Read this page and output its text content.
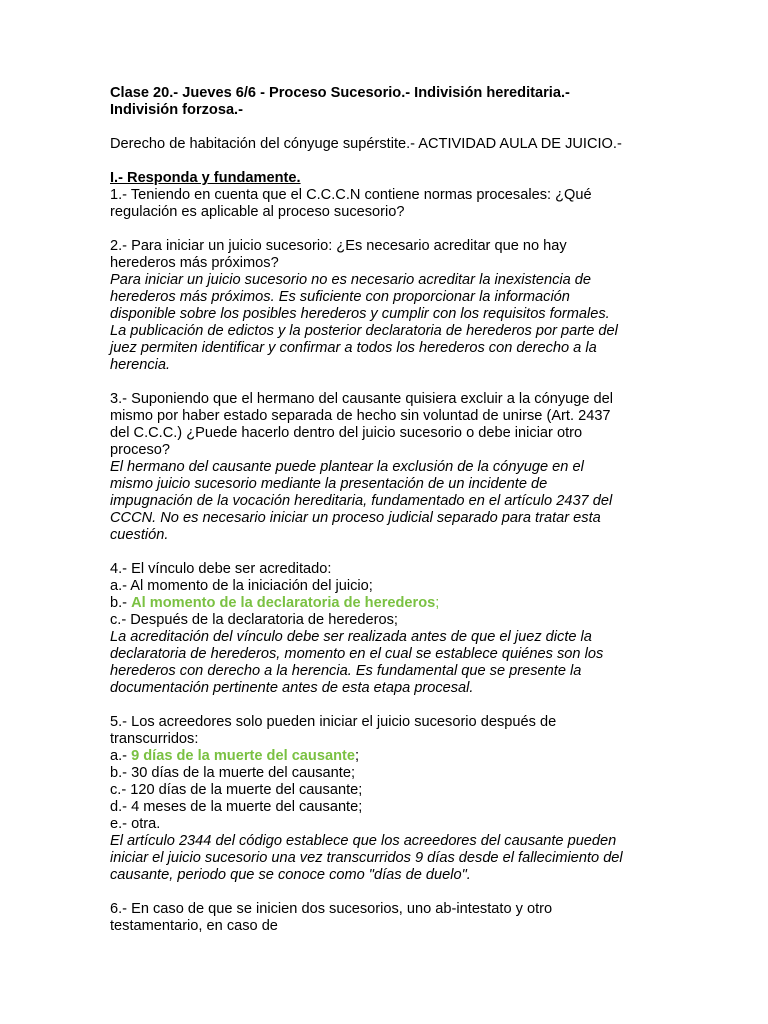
Clase 20.- Jueves 6/6 - Proceso Sucesorio.- Indivisión hereditaria.-
Indivisión forzosa.-
Derecho de habitación del cónyuge supérstite.- ACTIVIDAD AULA DE JUICIO.-
I.- Responda y fundamente.
1.- Teniendo en cuenta que el C.C.C.N contiene normas procesales: ¿Qué
regulación es aplicable al proceso sucesorio?
2.- Para iniciar un juicio sucesorio: ¿Es necesario acreditar que no hay
herederos más próximos?
Para iniciar un juicio sucesorio no es necesario acreditar la inexistencia de
herederos más próximos. Es suficiente con proporcionar la información
disponible sobre los posibles herederos y cumplir con los requisitos formales.
La publicación de edictos y la posterior declaratoria de herederos por parte del
juez permiten identificar y confirmar a todos los herederos con derecho a la
herencia.
3.- Suponiendo que el hermano del causante quisiera excluir a la cónyuge del
mismo por haber estado separada de hecho sin voluntad de unirse (Art. 2437
del C.C.C.) ¿Puede hacerlo dentro del juicio sucesorio o debe iniciar otro
proceso?
El hermano del causante puede plantear la exclusión de la cónyuge en el
mismo juicio sucesorio mediante la presentación de un incidente de
impugnación de la vocación hereditaria, fundamentado en el artículo 2437 del
CCCN. No es necesario iniciar un proceso judicial separado para tratar esta
cuestión.
4.- El vínculo debe ser acreditado:
a.- Al momento de la iniciación del juicio;
b.- Al momento de la declaratoria de herederos;
c.- Después de la declaratoria de herederos;
La acreditación del vínculo debe ser realizada antes de que el juez dicte la
declaratoria de herederos, momento en el cual se establece quiénes son los
herederos con derecho a la herencia. Es fundamental que se presente la
documentación pertinente antes de esta etapa procesal.
5.- Los acreedores solo pueden iniciar el juicio sucesorio después de
transcurridos:
a.- 9 días de la muerte del causante;
b.- 30 días de la muerte del causante;
c.- 120 días de la muerte del causante;
d.- 4 meses de la muerte del causante;
e.- otra.
El artículo 2344 del código establece que los acreedores del causante pueden
iniciar el juicio sucesorio una vez transcurridos 9 días desde el fallecimiento del
causante, periodo que se conoce como "días de duelo".
6.- En caso de que se inicien dos sucesorios, uno ab-intestato y otro
testamentario, en caso de
